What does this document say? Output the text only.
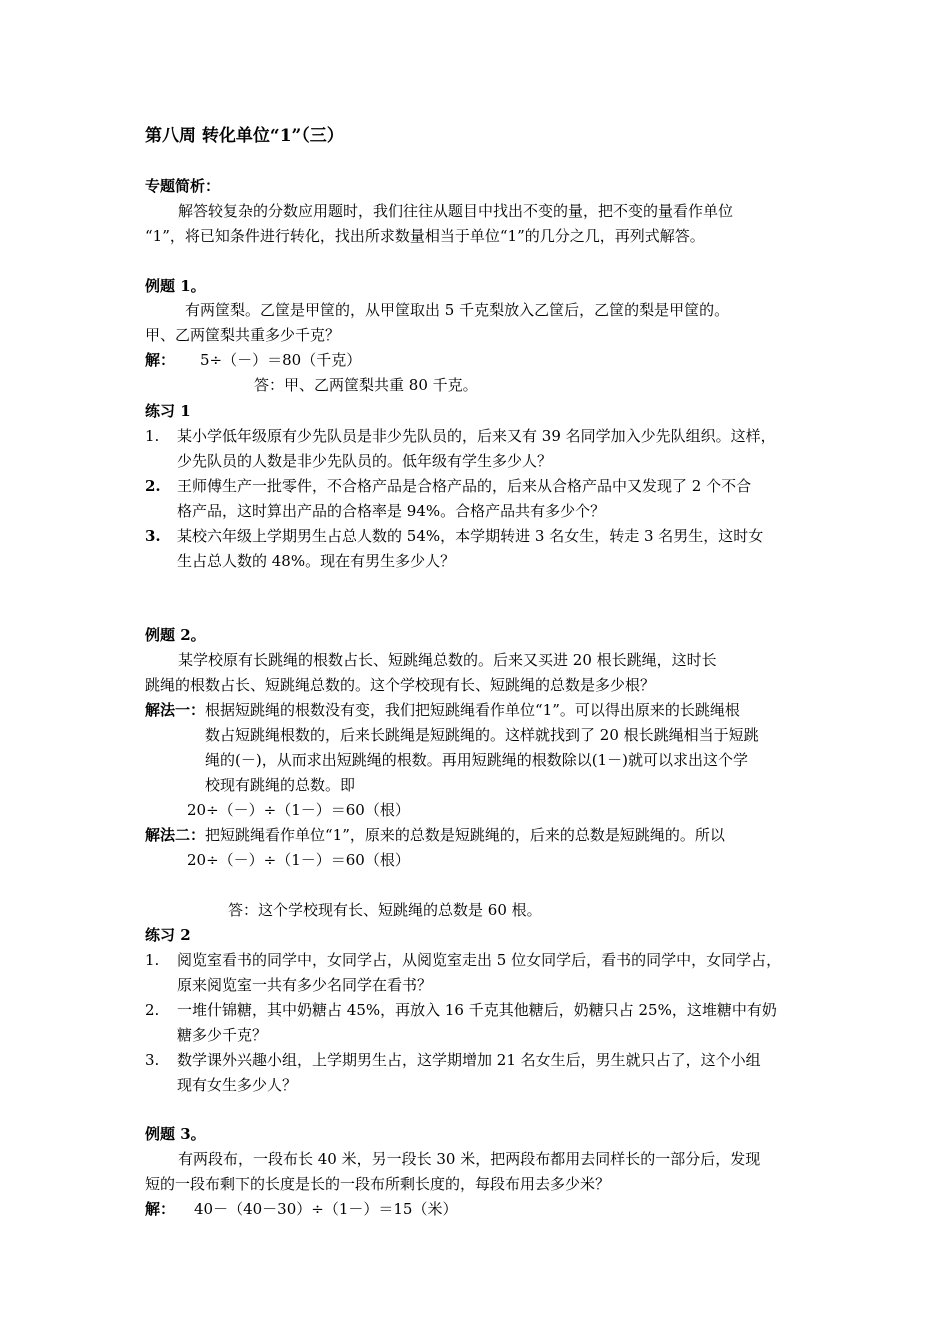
第八周 转化单位“1”（三）
专题简析：
解答较复杂的分数应用题时，我们往往从题目中找出不变的量，把不变的量看作单位
“1”，将已知条件进行转化，找出所求数量相当于单位“1”的几分之几，再列式解答。
例题 1。
有两筐梨。乙筐是甲筐的，从甲筐取出 5 千克梨放入乙筐后，乙筐的梨是甲筐的。
甲、乙两筐梨共重多少千克？
解： 5÷（－）＝80（千克）
答：甲、乙两筐梨共重 80 千克。
练习 1
1. 某小学低年级原有少先队员是非少先队员的，后来又有 39 名同学加入少先队组织。这样，
少先队员的人数是非少先队员的。低年级有学生多少人？
2. 王师傅生产一批零件，不合格产品是合格产品的，后来从合格产品中又发现了 2 个不合
格产品，这时算出产品的合格率是 94%。合格产品共有多少个？
3. 某校六年级上学期男生占总人数的 54%，本学期转进 3 名女生，转走 3 名男生，这时女
生占总人数的 48%。现在有男生多少人？
例题 2。
某学校原有长跳绳的根数占长、短跳绳总数的。后来又买进 20 根长跳绳，这时长
跳绳的根数占长、短跳绳总数的。这个学校现有长、短跳绳的总数是多少根？
解法一： 根据短跳绳的根数没有变，我们把短跳绳看作单位“1”。可以得出原来的长跳绳根
数占短跳绳根数的，后来长跳绳是短跳绳的。这样就找到了 20 根长跳绳相当于短跳
绳的(－)，从而求出短跳绳的根数。再用短跳绳的根数除以(1－)就可以求出这个学
校现有跳绳的总数。即
20÷（－）÷（1－）＝60（根）
解法二： 把短跳绳看作单位“1”，原来的总数是短跳绳的，后来的总数是短跳绳的。所以
20÷（－）÷（1－）＝60（根）
答：这个学校现有长、短跳绳的总数是 60 根。
练习 2
1. 阅览室看书的同学中，女同学占，从阅览室走出 5 位女同学后，看书的同学中，女同学占，
原来阅览室一共有多少名同学在看书？
2. 一堆什锦糖，其中奶糖占 45%，再放入 16 千克其他糖后，奶糖只占 25%，这堆糖中有奶
糖多少千克？
3. 数学课外兴趣小组，上学期男生占，这学期增加 21 名女生后，男生就只占了，这个小组
现有女生多少人？
例题 3。
有两段布，一段布长 40 米，另一段长 30 米，把两段布都用去同样长的一部分后，发现
短的一段布剩下的长度是长的一段布所剩长度的，每段布用去多少米？
解： 40－（40－30）÷（1－）＝15（米）
